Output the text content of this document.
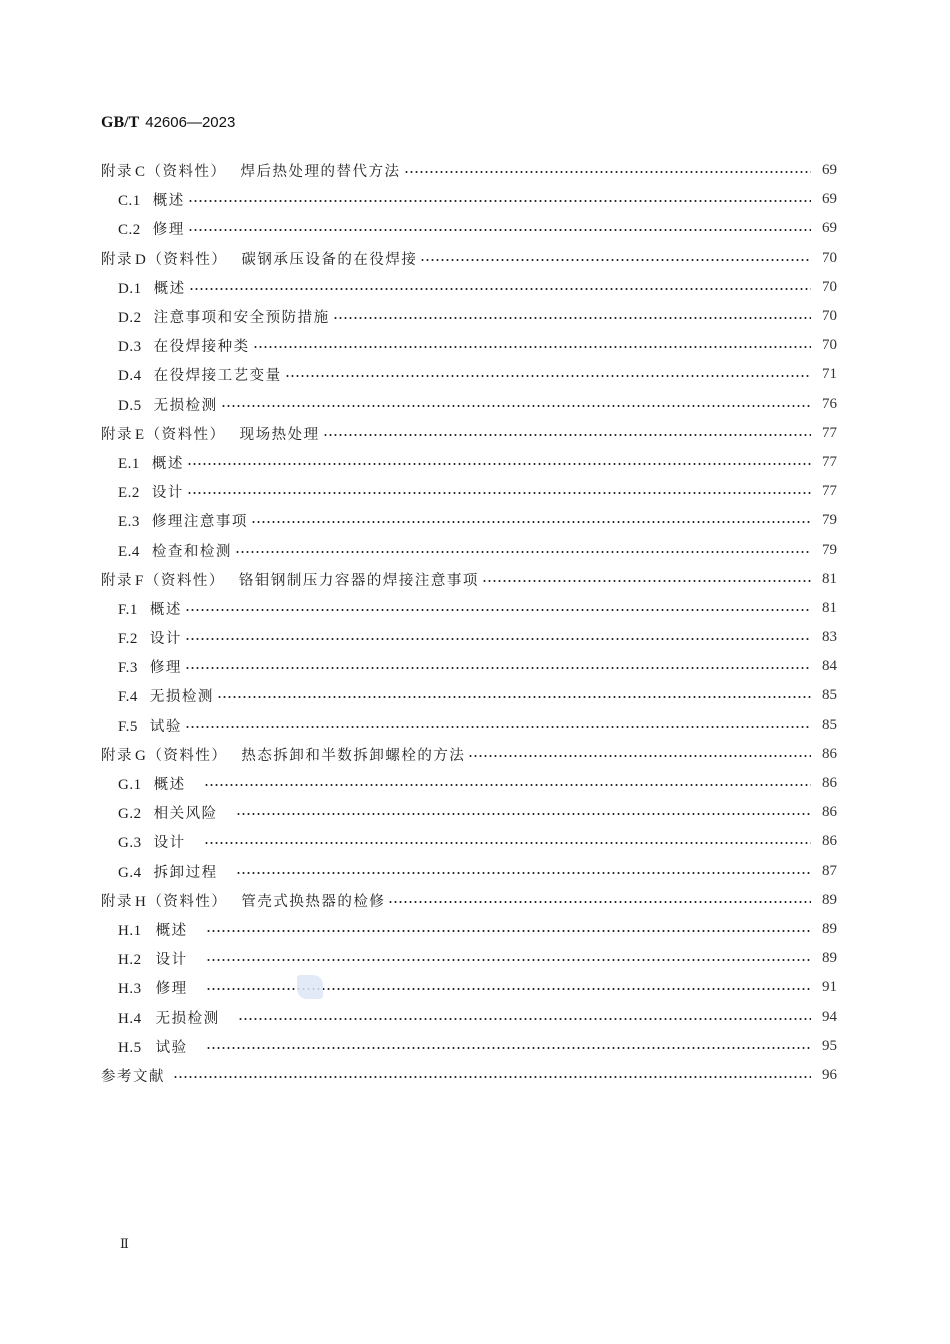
GB/T 42606—2023
附录 C（资料性） 焊后热处理的替代方法	69
C.1 概述	69
C.2 修理	69
附录 D（资料性） 碳钢承压设备的在役焊接	70
D.1 概述	70
D.2 注意事项和安全预防措施	70
D.3 在役焊接种类	70
D.4 在役焊接工艺变量	71
D.5 无损检测	76
附录 E（资料性） 现场热处理	77
E.1 概述	77
E.2 设计	77
E.3 修理注意事项	79
E.4 检查和检测	79
附录 F（资料性） 铬钼钢制压力容器的焊接注意事项	81
F.1 概述	81
F.2 设计	83
F.3 修理	84
F.4 无损检测	85
F.5 试验	85
附录 G（资料性） 热态拆卸和半数拆卸螺栓的方法	86
G.1 概述	86
G.2 相关风险	86
G.3 设计	86
G.4 拆卸过程	87
附录 H（资料性） 管壳式换热器的检修	89
H.1 概述	89
H.2 设计	89
H.3 修理	91
H.4 无损检测	94
H.5 试验	95
参考文献	96
Ⅱ
